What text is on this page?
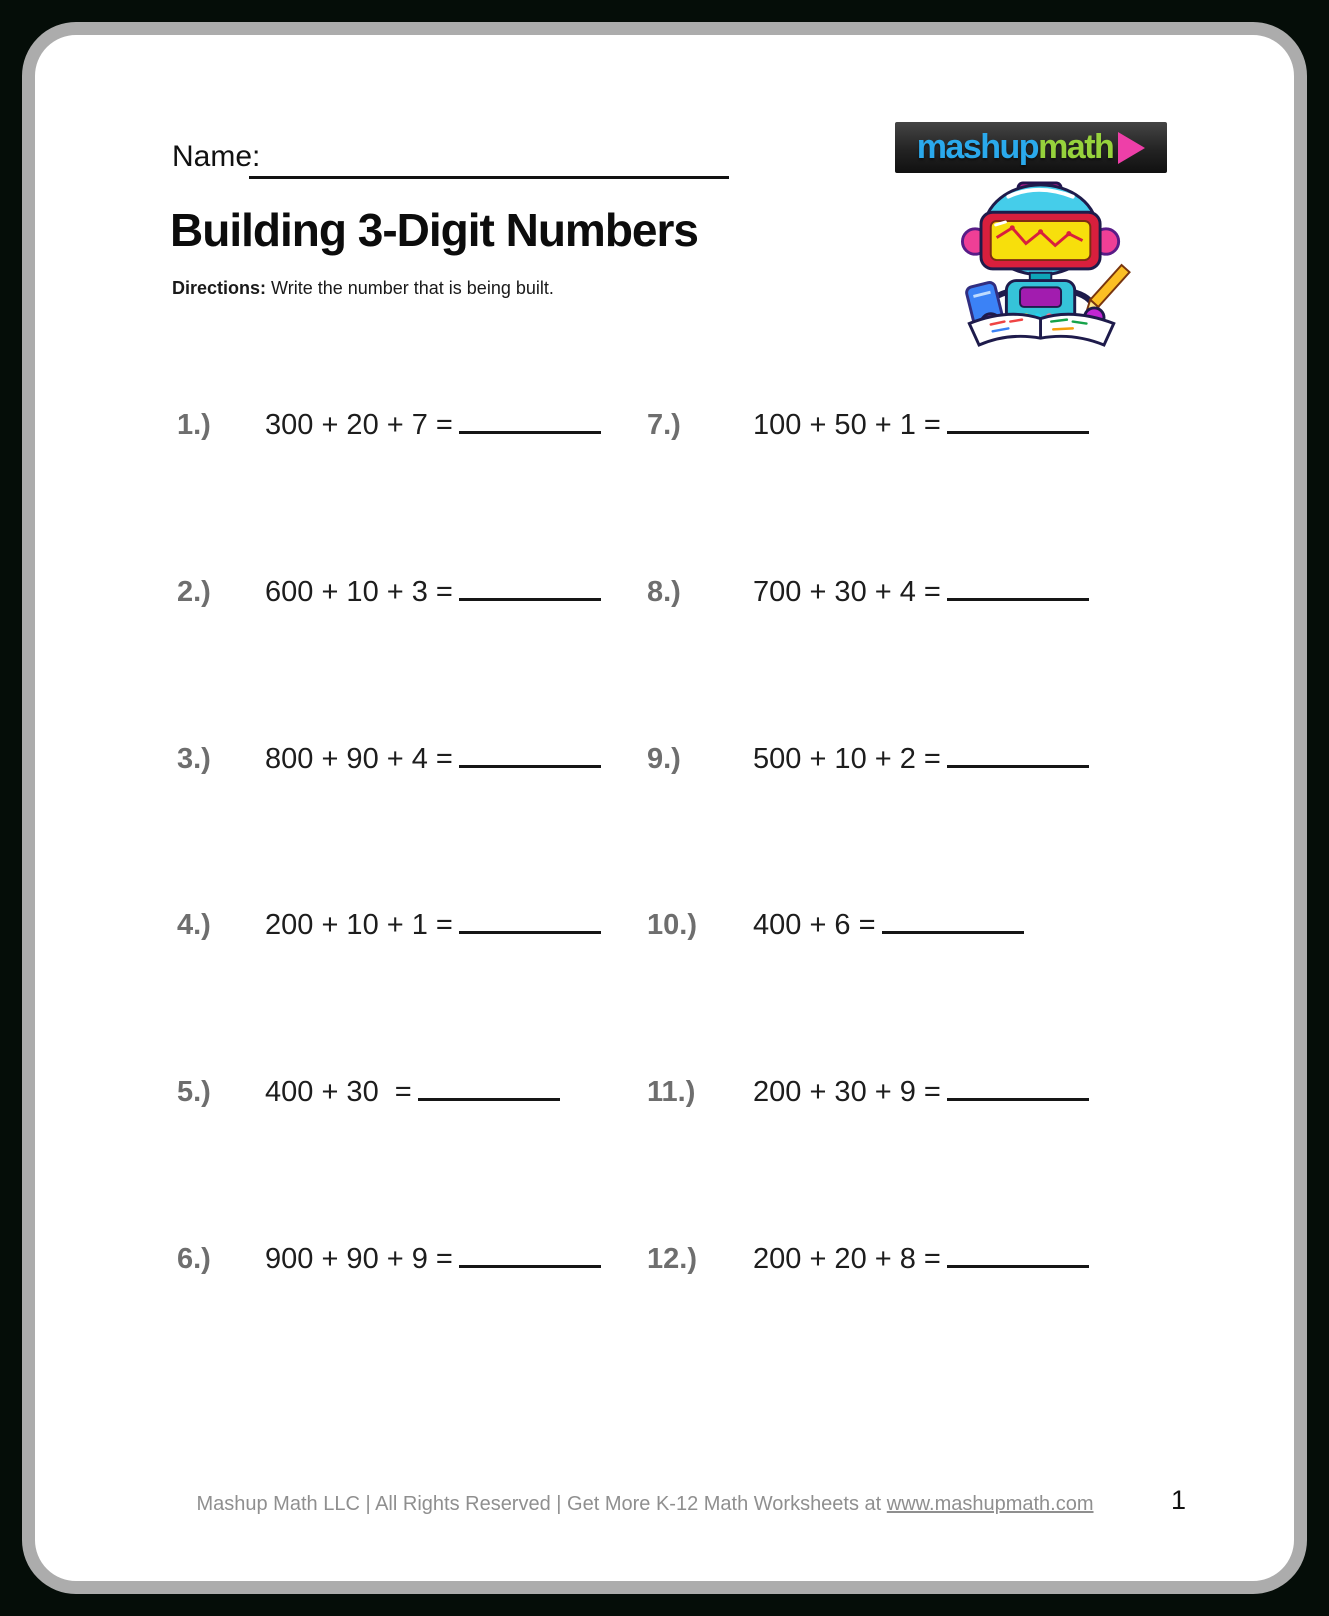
Name:
Building 3-Digit Numbers

Directions: Write the number that is being built.

mashup math
1.) 300 + 20 + 7 =
2.) 600 + 10 + 3 =
3.) 800 + 90 + 4 =
4.) 200 + 10 + 1 =
5.) 400 + 30  =
6.) 900 + 90 + 9 =
7.) 100 + 50 + 1 =
8.) 700 + 30 + 4 =
9.) 500 + 10 + 2 =
10.) 400 + 6 =
11.) 200 + 30 + 9 =
12.) 200 + 20 + 8 =
Mashup Math LLC | All Rights Reserved | Get More K-12 Math Worksheets at www.mashupmath.com	1
